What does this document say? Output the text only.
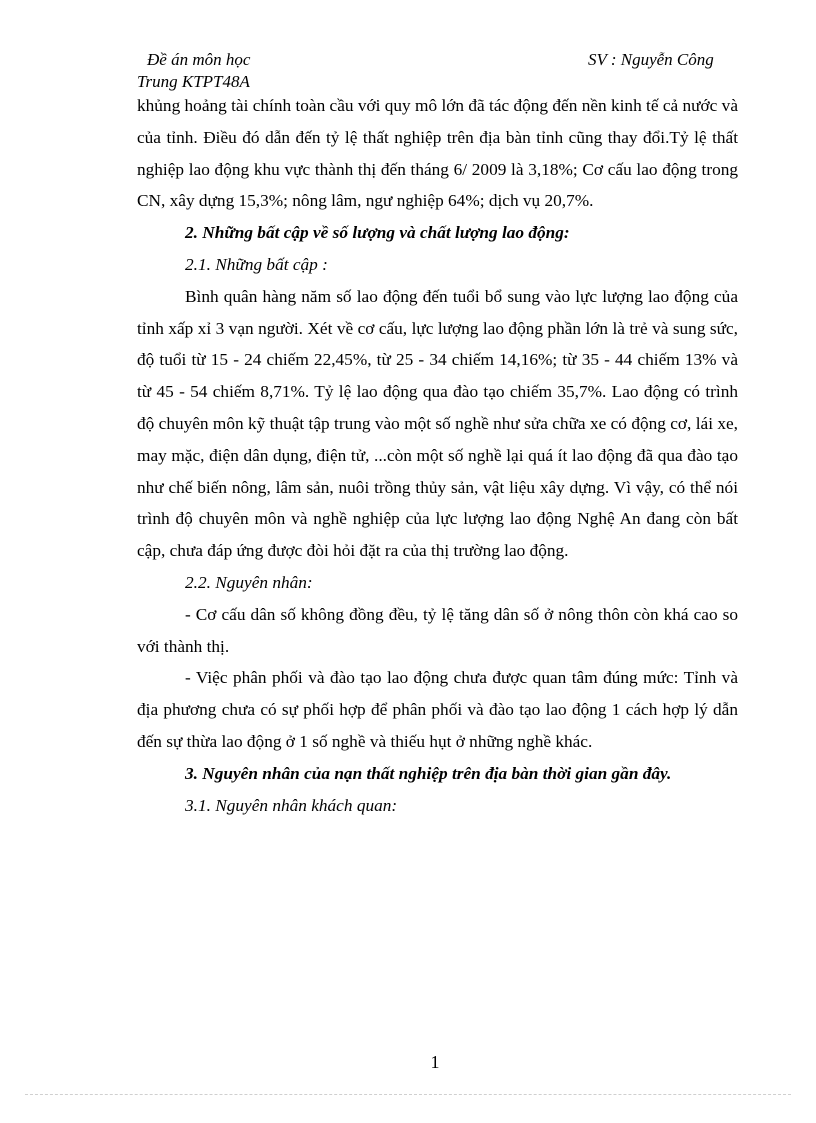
Đề án môn học
Trung KTPT48A
SV : Nguyễn Công

khủng hoảng tài chính toàn cầu với quy mô lớn đã tác động đến nền kinh tế cả nước và của tỉnh. Điều đó dẫn đến tỷ lệ thất nghiệp trên địa bàn tỉnh cũng thay đổi.Tỷ lệ thất nghiệp lao động khu vực thành thị đến tháng 6/ 2009 là 3,18%; Cơ cấu lao động trong CN, xây dựng 15,3%; nông lâm, ngư nghiệp 64%; dịch vụ 20,7%.

2. Những bất cập về số lượng và chất lượng lao động:

2.1. Những bất cập :

Bình quân hàng năm số lao động đến tuổi bổ sung vào lực lượng lao động của tỉnh xấp xỉ 3 vạn người. Xét về cơ cấu, lực lượng lao động phần lớn là trẻ và sung sức, độ tuổi từ 15 - 24 chiếm 22,45%, từ 25 - 34 chiếm 14,16%; từ 35 - 44 chiếm 13% và từ 45 - 54 chiếm 8,71%. Tỷ lệ lao động qua đào tạo chiếm 35,7%. Lao động có trình độ chuyên môn kỹ thuật tập trung vào một số nghề như sửa chữa xe có động cơ, lái xe, may mặc, điện dân dụng, điện tử, ...còn một số nghề lại quá ít lao động đã qua đào tạo như chế biến nông, lâm sản, nuôi trồng thủy sản, vật liệu xây dựng. Vì vậy, có thể nói trình độ chuyên môn và nghề nghiệp của lực lượng lao động Nghệ An đang còn bất cập, chưa đáp ứng được đòi hỏi đặt ra của thị trường lao động.

2.2. Nguyên nhân:

- Cơ cấu dân số không đồng đều, tỷ lệ tăng dân số ở nông thôn còn khá cao so với thành thị.

- Việc phân phối và đào tạo lao động chưa được quan tâm đúng mức: Tỉnh và địa phương chưa có sự phối hợp để phân phối và đào tạo lao động 1 cách hợp lý dẫn đến sự thừa lao động ở 1 số nghề và thiếu hụt ở những nghề khác.

3. Nguyên nhân của nạn thất nghiệp trên địa bàn thời gian gần đây.

3.1. Nguyên nhân khách quan:

1
